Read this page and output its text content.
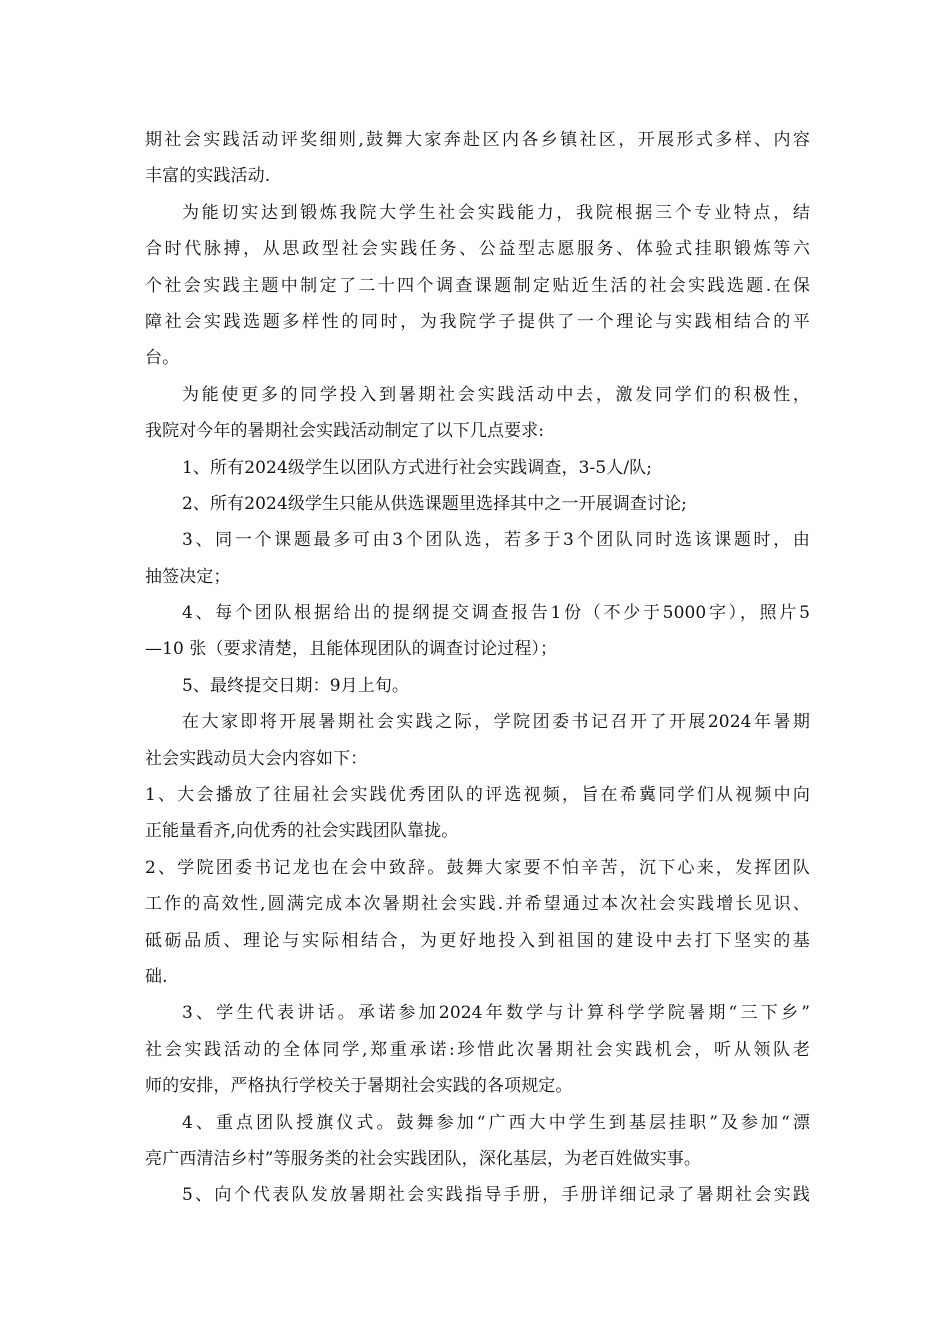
期社会实践活动评奖细则,鼓舞大家奔赴区内各乡镇社区，开展形式多样、内容
丰富的实践活动.
为能切实达到锻炼我院大学生社会实践能力，我院根据三个专业特点，结
合时代脉搏，从思政型社会实践任务、公益型志愿服务、体验式挂职锻炼等六
个社会实践主题中制定了二十四个调查课题制定贴近生活的社会实践选题.在保
障社会实践选题多样性的同时，为我院学子提供了一个理论与实践相结合的平
台。
为能使更多的同学投入到暑期社会实践活动中去，激发同学们的积极性，
我院对今年的暑期社会实践活动制定了以下几点要求:
1、所有2024级学生以团队方式进行社会实践调查，3-5人/队;
2、所有2024级学生只能从供选课题里选择其中之一开展调查讨论;
3、同一个课题最多可由3个团队选，若多于3个团队同时选该课题时，由
抽签决定；
4、每个团队根据给出的提纲提交调查报告1份（不少于5000字），照片5
—10 张（要求清楚，且能体现团队的调查讨论过程）；
5、最终提交日期：9月上旬。
在大家即将开展暑期社会实践之际，学院团委书记召开了开展2024年暑期
社会实践动员大会内容如下：
1、大会播放了往届社会实践优秀团队的评选视频，旨在希冀同学们从视频中向
正能量看齐,向优秀的社会实践团队靠拢。
2、学院团委书记龙也在会中致辞。鼓舞大家要不怕辛苦，沉下心来，发挥团队
工作的高效性,圆满完成本次暑期社会实践.并希望通过本次社会实践增长见识、
砥砺品质、理论与实际相结合，为更好地投入到祖国的建设中去打下坚实的基
础.
3、学生代表讲话。承诺参加2024年数学与计算科学学院暑期“三下乡”
社会实践活动的全体同学,郑重承诺:珍惜此次暑期社会实践机会，听从领队老
师的安排，严格执行学校关于暑期社会实践的各项规定。
4、重点团队授旗仪式。鼓舞参加“广西大中学生到基层挂职”及参加“漂
亮广西清洁乡村”等服务类的社会实践团队，深化基层，为老百姓做实事。
5、向个代表队发放暑期社会实践指导手册，手册详细记录了暑期社会实践
